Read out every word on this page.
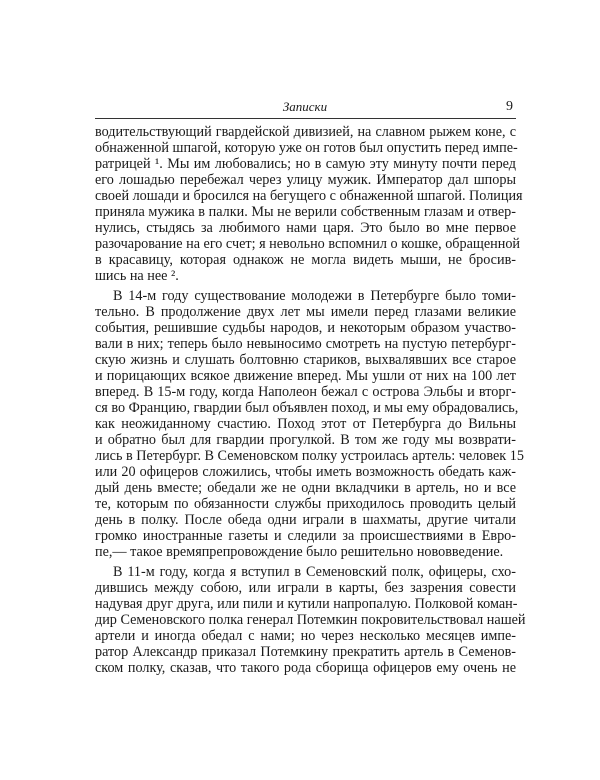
Записки	9
водительствующий гвардейской дивизией, на славном рыжем коне, с
обнаженной шпагой, которую уже он готов был опустить перед импе-
ратрицей ¹. Мы им любовались; но в самую эту минуту почти перед
его лошадью перебежал через улицу мужик. Император дал шпоры
своей лошади и бросился на бегущего с обнаженной шпагой. Полиция
приняла мужика в палки. Мы не верили собственным глазам и отвер-
нулись, стыдясь за любимого нами царя. Это было во мне первое
разочарование на его счет; я невольно вспомнил о кошке, обращенной
в красавицу, которая однакож не могла видеть мыши, не бросив-
шись на нее ².
В 14-м году существование молодежи в Петербурге было томи-
тельно. В продолжение двух лет мы имели перед глазами великие
события, решившие судьбы народов, и некоторым образом участво-
вали в них; теперь было невыносимо смотреть на пустую петербург-
скую жизнь и слушать болтовню стариков, выхвалявших все старое
и порицающих всякое движение вперед. Мы ушли от них на 100 лет
вперед. В 15-м году, когда Наполеон бежал с острова Эльбы и вторг-
ся во Францию, гвардии был объявлен поход, и мы ему обрадовались,
как неожиданному счастию. Поход этот от Петербурга до Вильны
и обратно был для гвардии прогулкой. В том же году мы возврати-
лись в Петербург. В Семеновском полку устроилась артель: человек 15
или 20 офицеров сложились, чтобы иметь возможность обедать каж-
дый день вместе; обедали же не одни вкладчики в артель, но и все
те, которым по обязанности службы приходилось проводить целый
день в полку. После обеда одни играли в шахматы, другие читали
громко иностранные газеты и следили за происшествиями в Евро-
пе,— такое времяпрепровождение было решительно нововведение.
В 11-м году, когда я вступил в Семеновский полк, офицеры, схо-
дившись между собою, или играли в карты, без зазрения совести
надувая друг друга, или пили и кутили напропалую. Полковой коман-
дир Семеновского полка генерал Потемкин покровительствовал нашей
артели и иногда обедал с нами; но через несколько месяцев импе-
ратор Александр приказал Потемкину прекратить артель в Семенов-
ском полку, сказав, что такого рода сборища офицеров ему очень не
